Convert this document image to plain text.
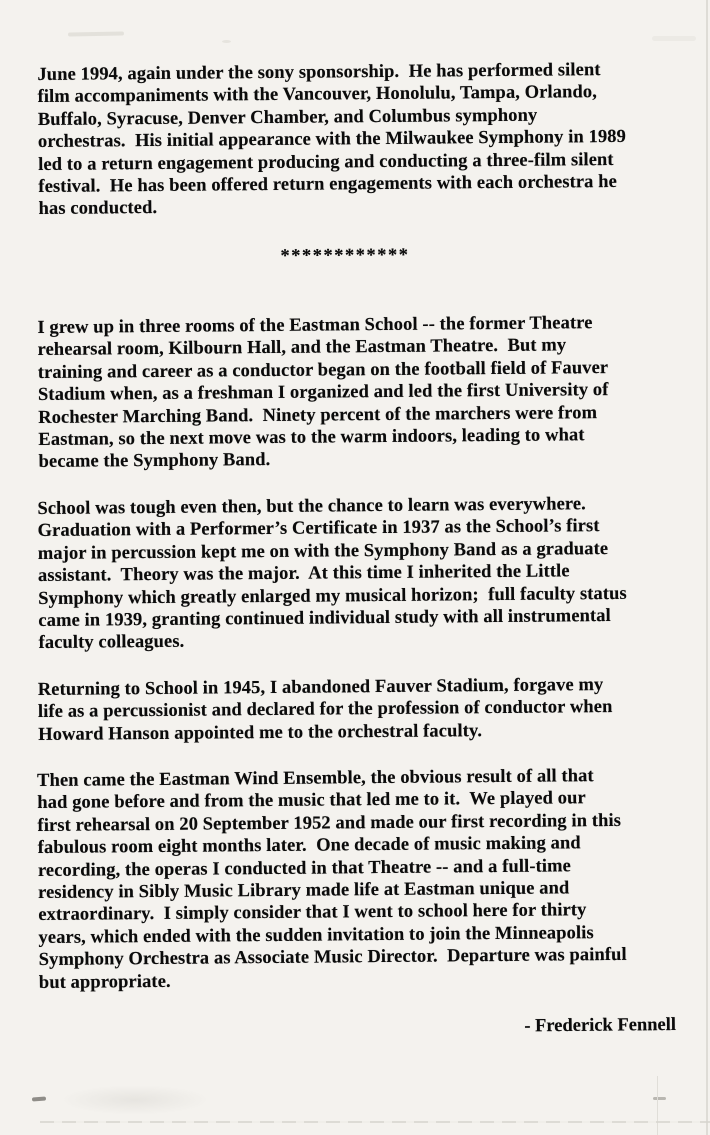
June 1994, again under the sony sponsorship.  He has performed silent
film accompaniments with the Vancouver, Honolulu, Tampa, Orlando,
Buffalo, Syracuse, Denver Chamber, and Columbus symphony
orchestras.  His initial appearance with the Milwaukee Symphony in 1989
led to a return engagement producing and conducting a three-film silent
festival.  He has been offered return engagements with each orchestra he
has conducted.

************

I grew up in three rooms of the Eastman School -- the former Theatre
rehearsal room, Kilbourn Hall, and the Eastman Theatre.  But my
training and career as a conductor began on the football field of Fauver
Stadium when, as a freshman I organized and led the first University of
Rochester Marching Band.  Ninety percent of the marchers were from
Eastman, so the next move was to the warm indoors, leading to what
became the Symphony Band.

School was tough even then, but the chance to learn was everywhere.
Graduation with a Performer’s Certificate in 1937 as the School’s first
major in percussion kept me on with the Symphony Band as a graduate
assistant.  Theory was the major.  At this time I inherited the Little
Symphony which greatly enlarged my musical horizon;  full faculty status
came in 1939, granting continued individual study with all instrumental
faculty colleagues.

Returning to School in 1945, I abandoned Fauver Stadium, forgave my
life as a percussionist and declared for the profession of conductor when
Howard Hanson appointed me to the orchestral faculty.

Then came the Eastman Wind Ensemble, the obvious result of all that
had gone before and from the music that led me to it.  We played our
first rehearsal on 20 September 1952 and made our first recording in this
fabulous room eight months later.  One decade of music making and
recording, the operas I conducted in that Theatre -- and a full-time
residency in Sibly Music Library made life at Eastman unique and
extraordinary.  I simply consider that I went to school here for thirty
years, which ended with the sudden invitation to join the Minneapolis
Symphony Orchestra as Associate Music Director.  Departure was painful
but appropriate.

- Frederick Fennell
